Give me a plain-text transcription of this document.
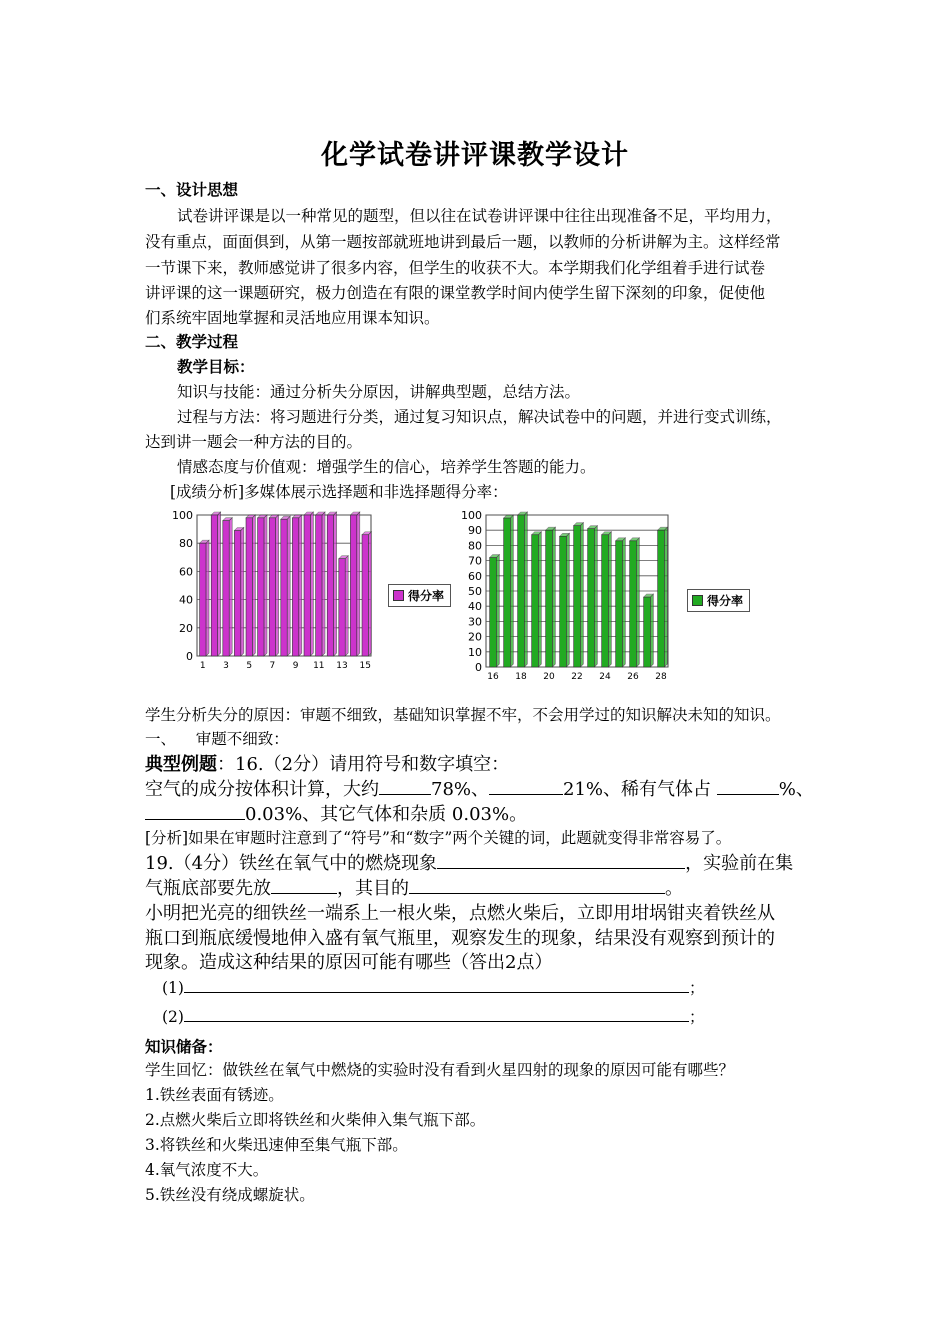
化学试卷讲评课教学设计
一、设计思想
试卷讲评课是以一种常见的题型，但以往在试卷讲评课中往往出现准备不足，平均用力，
没有重点，面面俱到，从第一题按部就班地讲到最后一题，以教师的分析讲解为主。这样经常
一节课下来，教师感觉讲了很多内容，但学生的收获不大。本学期我们化学组着手进行试卷
讲评课的这一课题研究，极力创造在有限的课堂教学时间内使学生留下深刻的印象，促使他
们系统牢固地掌握和灵活地应用课本知识。
二、教学过程
教学目标：
知识与技能：通过分析失分原因，讲解典型题，总结方法。
过程与方法：将习题进行分类，通过复习知识点，解决试卷中的问题，并进行变式训练，
达到讲一题会一种方法的目的。
情感态度与价值观：增强学生的信心，培养学生答题的能力。
[成绩分析]多媒体展示选择题和非选择题得分率：
0
20
40
60
80
100
1 3 5 7 9 11 13 15
得分率
0
10
20
30
40
50
60
70
80
90
100
16 18 20 22 24 26 28
得分率
学生分析失分的原因：审题不细致，基础知识掌握不牢，不会用学过的知识解决未知的知识。
一、    审题不细致：
典型例题：16.（2分）请用符号和数字填空：
空气的成分按体积计算，大约	78%、	21%、稀有气体占	%、
0.03%、其它气体和杂质 0.03%。
[分析]如果在审题时注意到了“符号”和“数字”两个关键的词，此题就变得非常容易了。
19.（4分）铁丝在氧气中的燃烧现象	，实验前在集
气瓶底部要先放	，其目的	。
小明把光亮的细铁丝一端系上一根火柴，点燃火柴后，立即用坩埚钳夹着铁丝从
瓶口到瓶底缓慢地伸入盛有氧气瓶里，观察发生的现象，结果没有观察到预计的
现象。造成这种结果的原因可能有哪些（答出2点）
(1)	；
(2)	；
知识储备：
学生回忆：做铁丝在氧气中燃烧的实验时没有看到火星四射的现象的原因可能有哪些？
1.铁丝表面有锈迹。
2.点燃火柴后立即将铁丝和火柴伸入集气瓶下部。
3.将铁丝和火柴迅速伸至集气瓶下部。
4.氧气浓度不大。
5.铁丝没有绕成螺旋状。
